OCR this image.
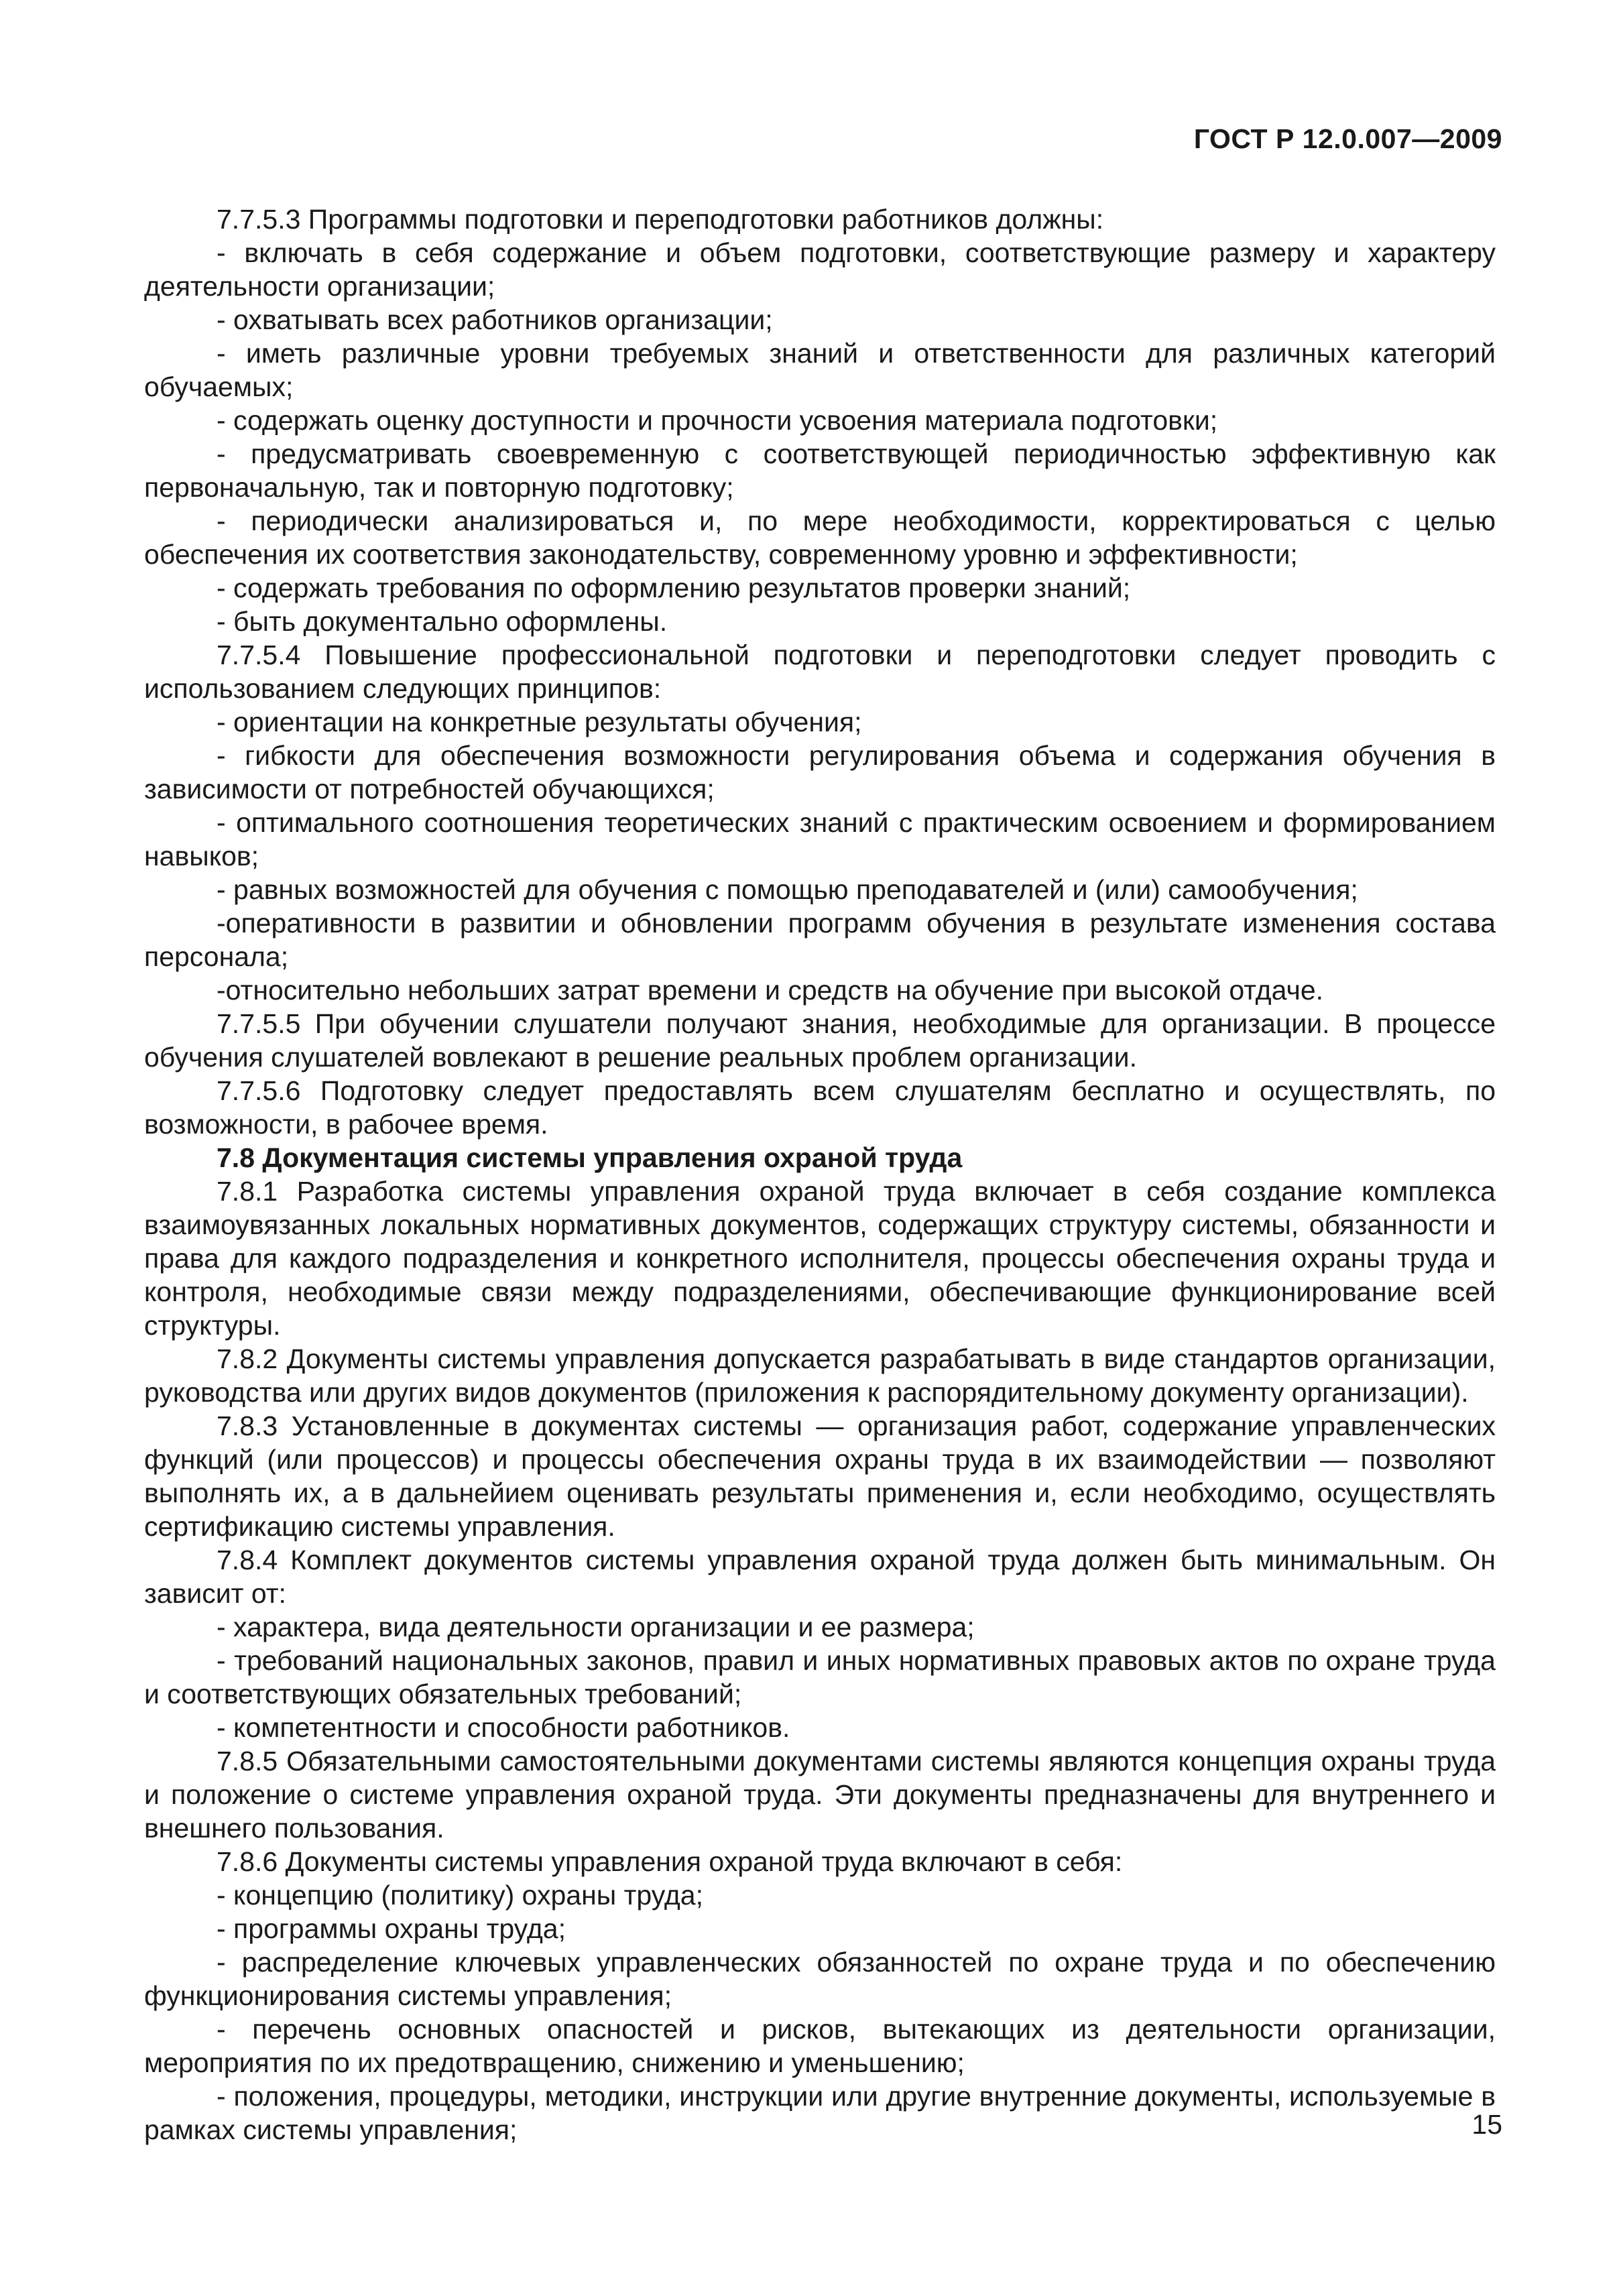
ГОСТ Р 12.0.007—2009

7.7.5.3 Программы подготовки и переподготовки работников должны:

- включать в себя содержание и объем подготовки, соответствующие размеру и характеру деятельности организации;

- охватывать всех работников организации;

- иметь различные уровни требуемых знаний и ответственности для различных категорий обучаемых;

- содержать оценку доступности и прочности усвоения материала подготовки;

- предусматривать своевременную с соответствующей периодичностью эффективную как первоначальную, так и повторную подготовку;

- периодически анализироваться и, по мере необходимости, корректироваться с целью обеспечения их соответствия законодательству, современному уровню и эффективности;

- содержать требования по оформлению результатов проверки знаний;

- быть документально оформлены.

7.7.5.4 Повышение профессиональной подготовки и переподготовки следует проводить с использованием следующих принципов:

- ориентации на конкретные результаты обучения;

- гибкости для обеспечения возможности регулирования объема и содержания обучения в зависимости от потребностей обучающихся;

- оптимального соотношения теоретических знаний с практическим освоением и формированием навыков;

- равных возможностей для обучения с помощью преподавателей и (или) самообучения;

-оперативности в развитии и обновлении программ обучения в результате изменения состава персонала;

-относительно небольших затрат времени и средств на обучение при высокой отдаче.

7.7.5.5 При обучении слушатели получают знания, необходимые для организации. В процессе обучения слушателей вовлекают в решение реальных проблем организации.

7.7.5.6 Подготовку следует предоставлять всем слушателям бесплатно и осуществлять, по возможности, в рабочее время.

7.8 Документация системы управления охраной труда

7.8.1 Разработка системы управления охраной труда включает в себя создание комплекса взаимоувязанных локальных нормативных документов, содержащих структуру системы, обязанности и права для каждого подразделения и конкретного исполнителя, процессы обеспечения охраны труда и контроля, необходимые связи между подразделениями, обеспечивающие функционирование всей структуры.

7.8.2 Документы системы управления допускается разрабатывать в виде стандартов организации, руководства или других видов документов (приложения к распорядительному документу организации).

7.8.3 Установленные в документах системы — организация работ, содержание управленческих функций (или процессов) и процессы обеспечения охраны труда в их взаимодействии — позволяют выполнять их, а в дальнейием оценивать результаты применения и, если необходимо, осуществлять сертификацию системы управления.

7.8.4 Комплект документов системы управления охраной труда должен быть минимальным. Он зависит от:

- характера, вида деятельности организации и ее размера;

- требований национальных законов, правил и иных нормативных правовых актов по охране труда и соответствующих обязательных требований;

- компетентности и способности работников.

7.8.5 Обязательными самостоятельными документами системы являются концепция охраны труда и положение о системе управления охраной труда. Эти документы предназначены для внутреннего и внешнего пользования.

7.8.6 Документы системы управления охраной труда включают в себя:

- концепцию (политику) охраны труда;

- программы охраны труда;

- распределение ключевых управленческих обязанностей по охране труда и по обеспечению функционирования системы управления;

- перечень основных опасностей и рисков, вытекающих из деятельности организации, мероприятия по их предотвращению, снижению и уменьшению;

- положения, процедуры, методики, инструкции или другие внутренние документы, используемые в рамках системы управления;	15
